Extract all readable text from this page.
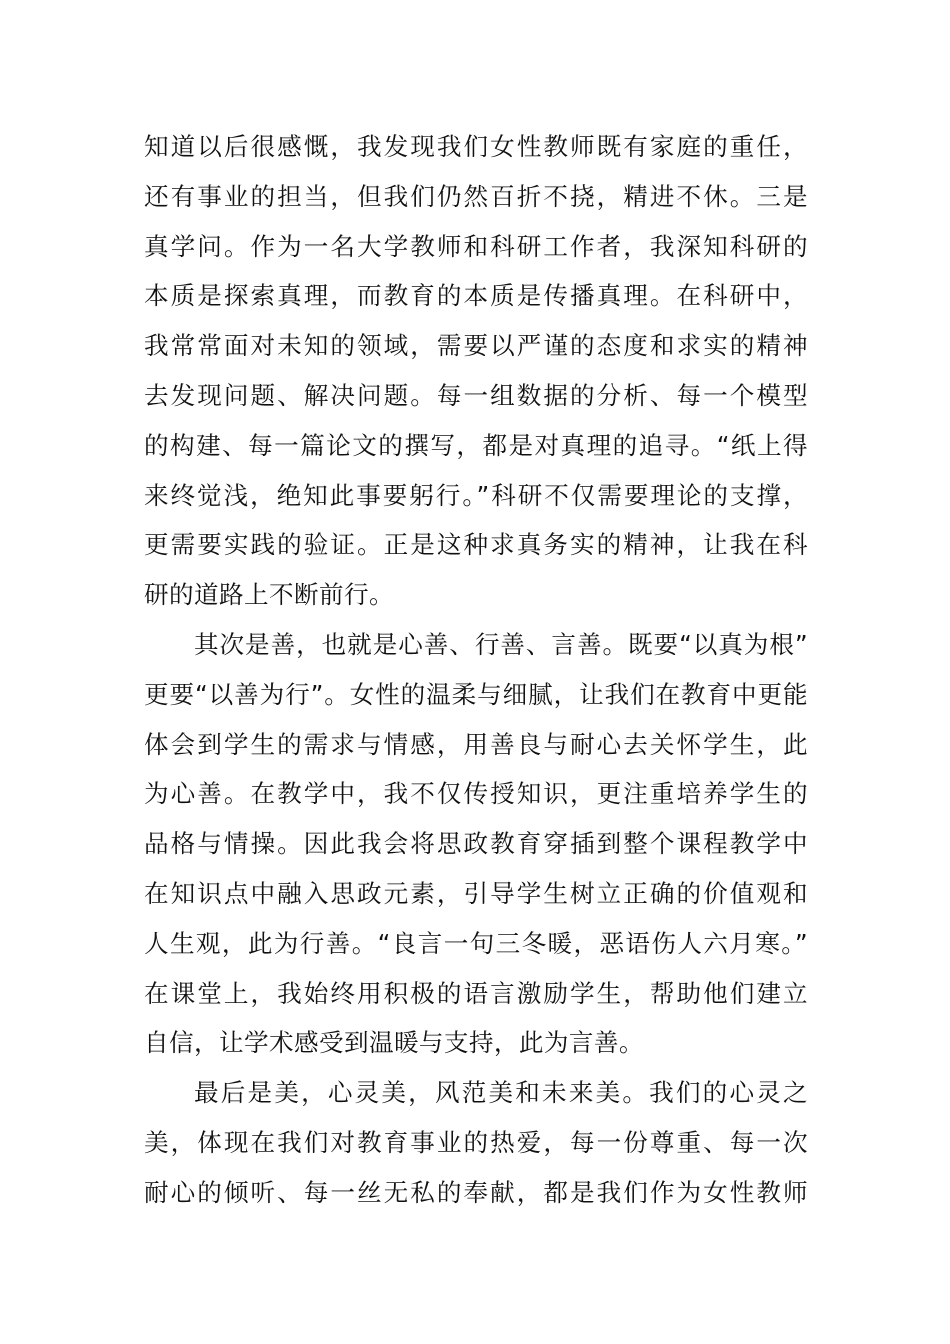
知道以后很感慨，我发现我们女性教师既有家庭的重任，
还有事业的担当，但我们仍然百折不挠，精进不休。三是
真学问。作为一名大学教师和科研工作者，我深知科研的
本质是探索真理，而教育的本质是传播真理。在科研中，
我常常面对未知的领域，需要以严谨的态度和求实的精神
去发现问题、解决问题。每一组数据的分析、每一个模型
的构建、每一篇论文的撰写，都是对真理的追寻。“纸上得
来终觉浅，绝知此事要躬行。”科研不仅需要理论的支撑，
更需要实践的验证。正是这种求真务实的精神，让我在科
研的道路上不断前行。
其次是善，也就是心善、行善、言善。既要“以真为根”
更要“以善为行”。女性的温柔与细腻，让我们在教育中更能
体会到学生的需求与情感，用善良与耐心去关怀学生，此
为心善。在教学中，我不仅传授知识，更注重培养学生的
品格与情操。因此我会将思政教育穿插到整个课程教学中
在知识点中融入思政元素，引导学生树立正确的价值观和
人生观，此为行善。“良言一句三冬暖，恶语伤人六月寒。”
在课堂上，我始终用积极的语言激励学生，帮助他们建立
自信，让学术感受到温暖与支持，此为言善。
最后是美，心灵美，风范美和未来美。我们的心灵之
美，体现在我们对教育事业的热爱，每一份尊重、每一次
耐心的倾听、每一丝无私的奉献，都是我们作为女性教师
